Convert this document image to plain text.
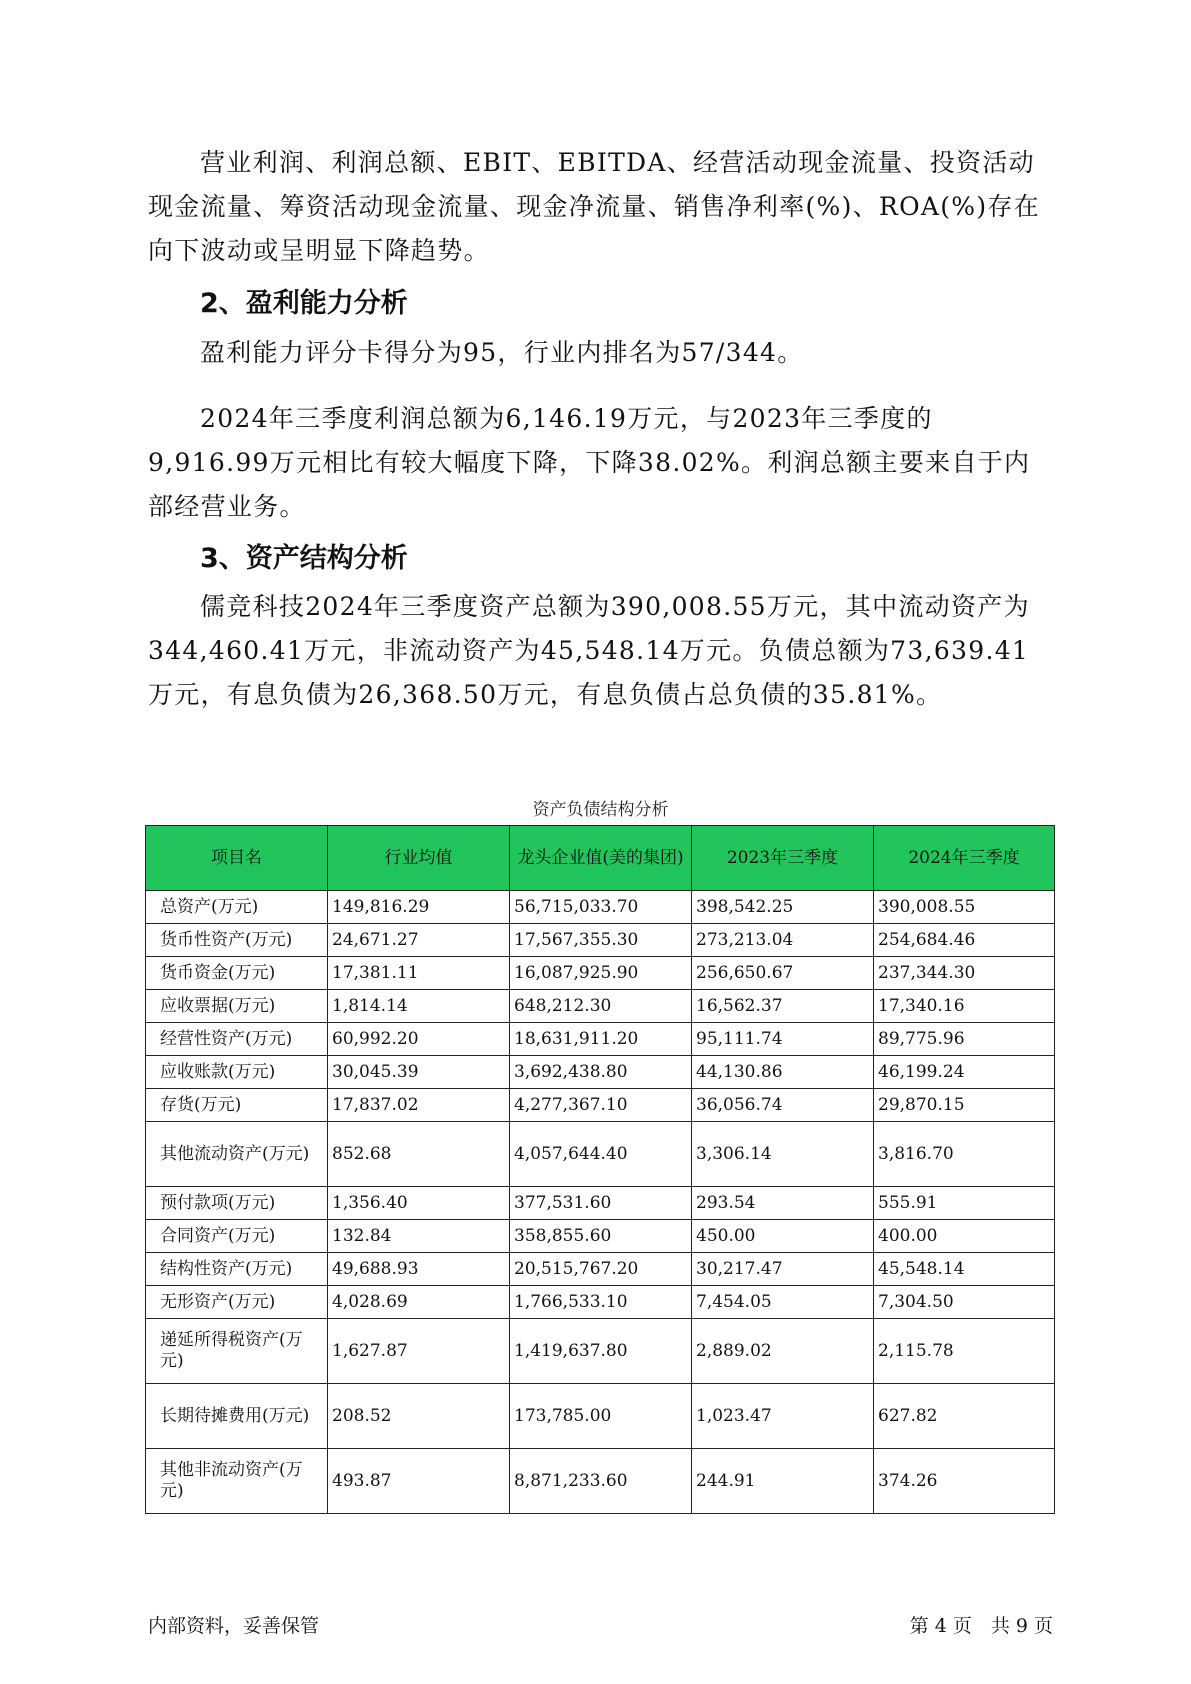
营业利润、利润总额、EBIT、EBITDA、经营活动现金流量、投资活动现金流量、筹资活动现金流量、现金净流量、销售净利率(%)、ROA(%)存在向下波动或呈明显下降趋势。

2、盈利能力分析

盈利能力评分卡得分为95，行业内排名为57/344。

2024年三季度利润总额为6,146.19万元，与2023年三季度的9,916.99万元相比有较大幅度下降，下降38.02%。利润总额主要来自于内部经营业务。

3、资产结构分析

儒竞科技2024年三季度资产总额为390,008.55万元，其中流动资产为344,460.41万元，非流动资产为45,548.14万元。负债总额为73,639.41万元，有息负债为26,368.50万元，有息负债占总负债的35.81%。

资产负债结构分析
项目名	行业均值	龙头企业值(美的集团)	2023年三季度	2024年三季度
总资产(万元)	149,816.29	56,715,033.70	398,542.25	390,008.55
货币性资产(万元)	24,671.27	17,567,355.30	273,213.04	254,684.46
货币资金(万元)	17,381.11	16,087,925.90	256,650.67	237,344.30
应收票据(万元)	1,814.14	648,212.30	16,562.37	17,340.16
经营性资产(万元)	60,992.20	18,631,911.20	95,111.74	89,775.96
应收账款(万元)	30,045.39	3,692,438.80	44,130.86	46,199.24
存货(万元)	17,837.02	4,277,367.10	36,056.74	29,870.15
其他流动资产(万元)	852.68	4,057,644.40	3,306.14	3,816.70
预付款项(万元)	1,356.40	377,531.60	293.54	555.91
合同资产(万元)	132.84	358,855.60	450.00	400.00
结构性资产(万元)	49,688.93	20,515,767.20	30,217.47	45,548.14
无形资产(万元)	4,028.69	1,766,533.10	7,454.05	7,304.50
递延所得税资产(万元)	1,627.87	1,419,637.80	2,889.02	2,115.78
长期待摊费用(万元)	208.52	173,785.00	1,023.47	627.82
其他非流动资产(万元)	493.87	8,871,233.60	244.91	374.26
内部资料，妥善保管	第 4 页　共 9 页
